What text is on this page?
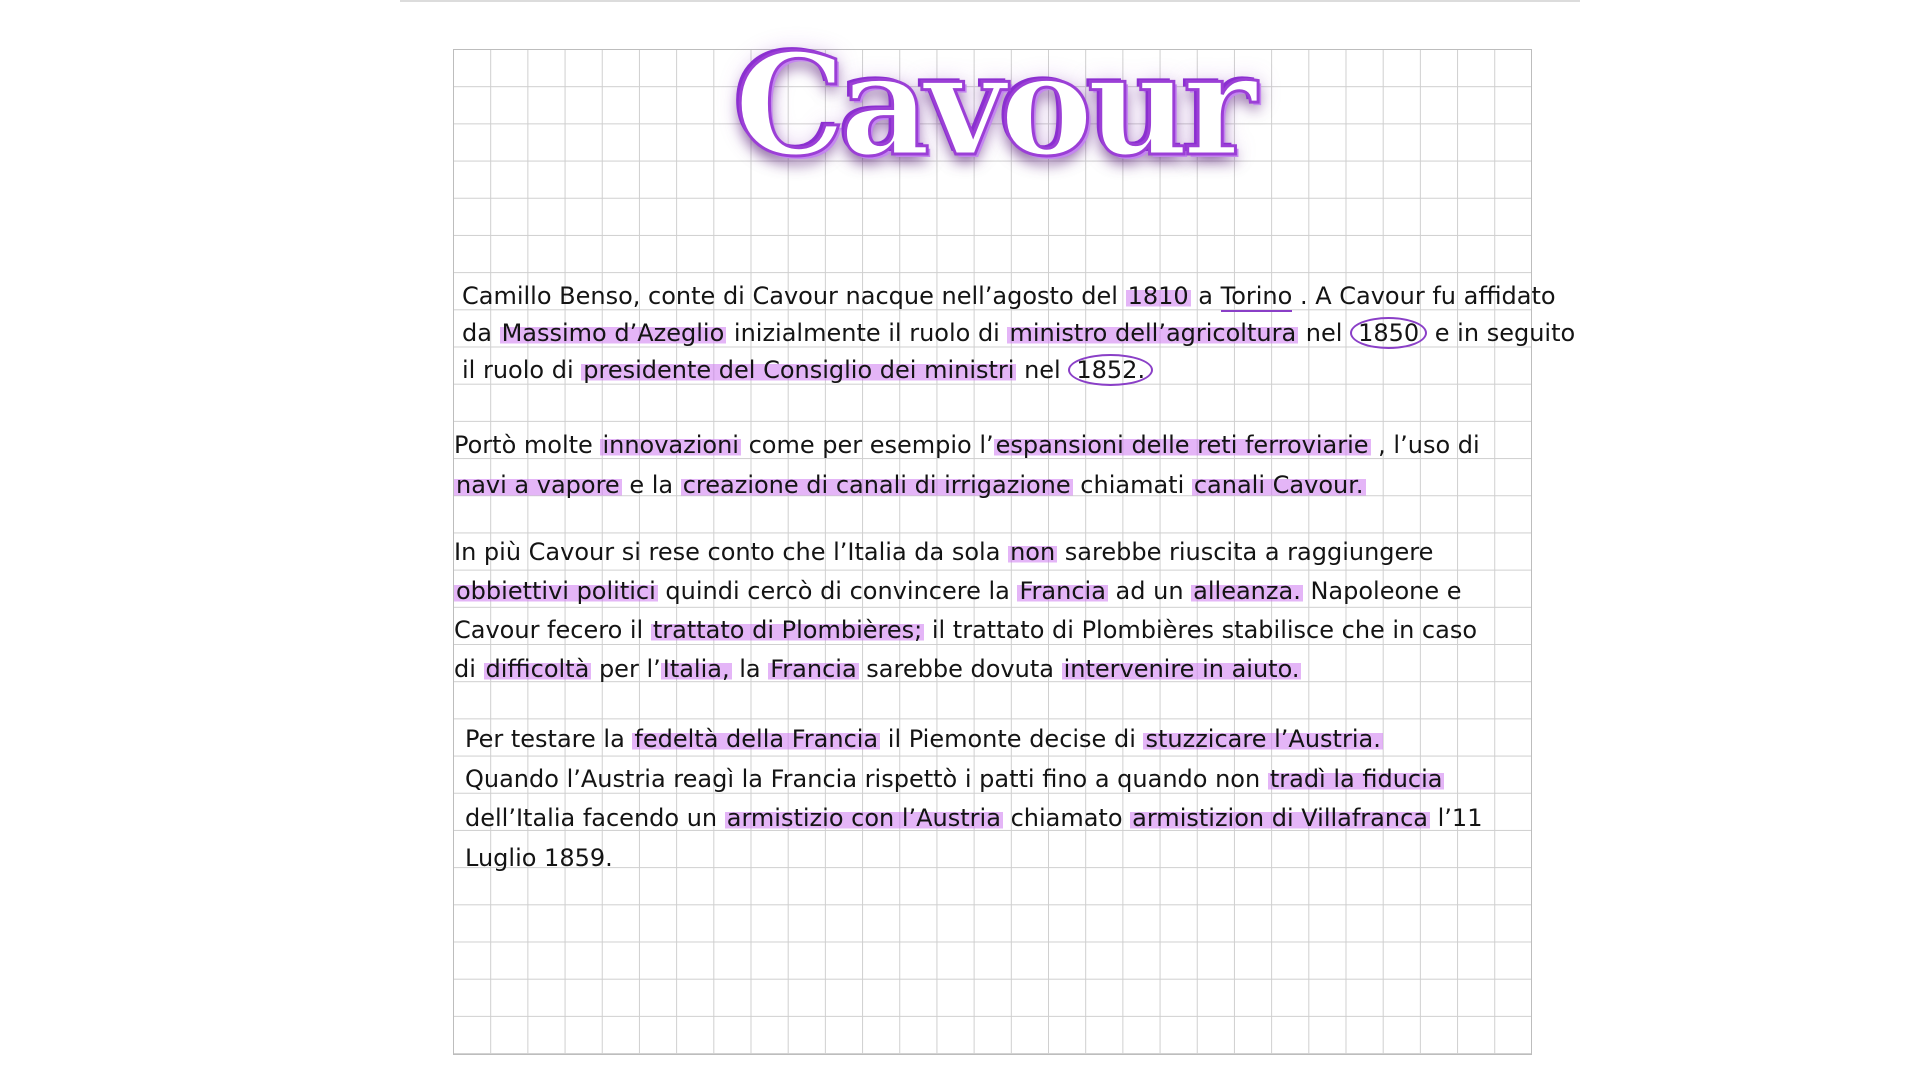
Cavour
Camillo Benso, conte di Cavour nacque nell’agosto del 1810 a Torino . A Cavour fu affidato
da Massimo d’Azeglio inizialmente il ruolo di ministro dell’agricoltura nel 1850 e in seguito
il ruolo di presidente del Consiglio dei ministri nel 1852.
Portò molte innovazioni come per esempio l’espansioni delle reti ferroviarie , l’uso di
navi a vapore e la creazione di canali di irrigazione chiamati canali Cavour.
In più Cavour si rese conto che l’Italia da sola non sarebbe riuscita a raggiungere
obbiettivi politici quindi cercò di convincere la Francia ad un alleanza. Napoleone e
Cavour fecero il trattato di Plombières; il trattato di Plombières stabilisce che in caso
di difficoltà per l’Italia, la Francia sarebbe dovuta intervenire in aiuto.
Per testare la fedeltà della Francia il Piemonte decise di stuzzicare l’Austria.
Quando l’Austria reagì la Francia rispettò i patti fino a quando non tradì la fiducia
dell’Italia facendo un armistizio con l’Austria chiamato armistizion di Villafranca l’11
Luglio 1859.
